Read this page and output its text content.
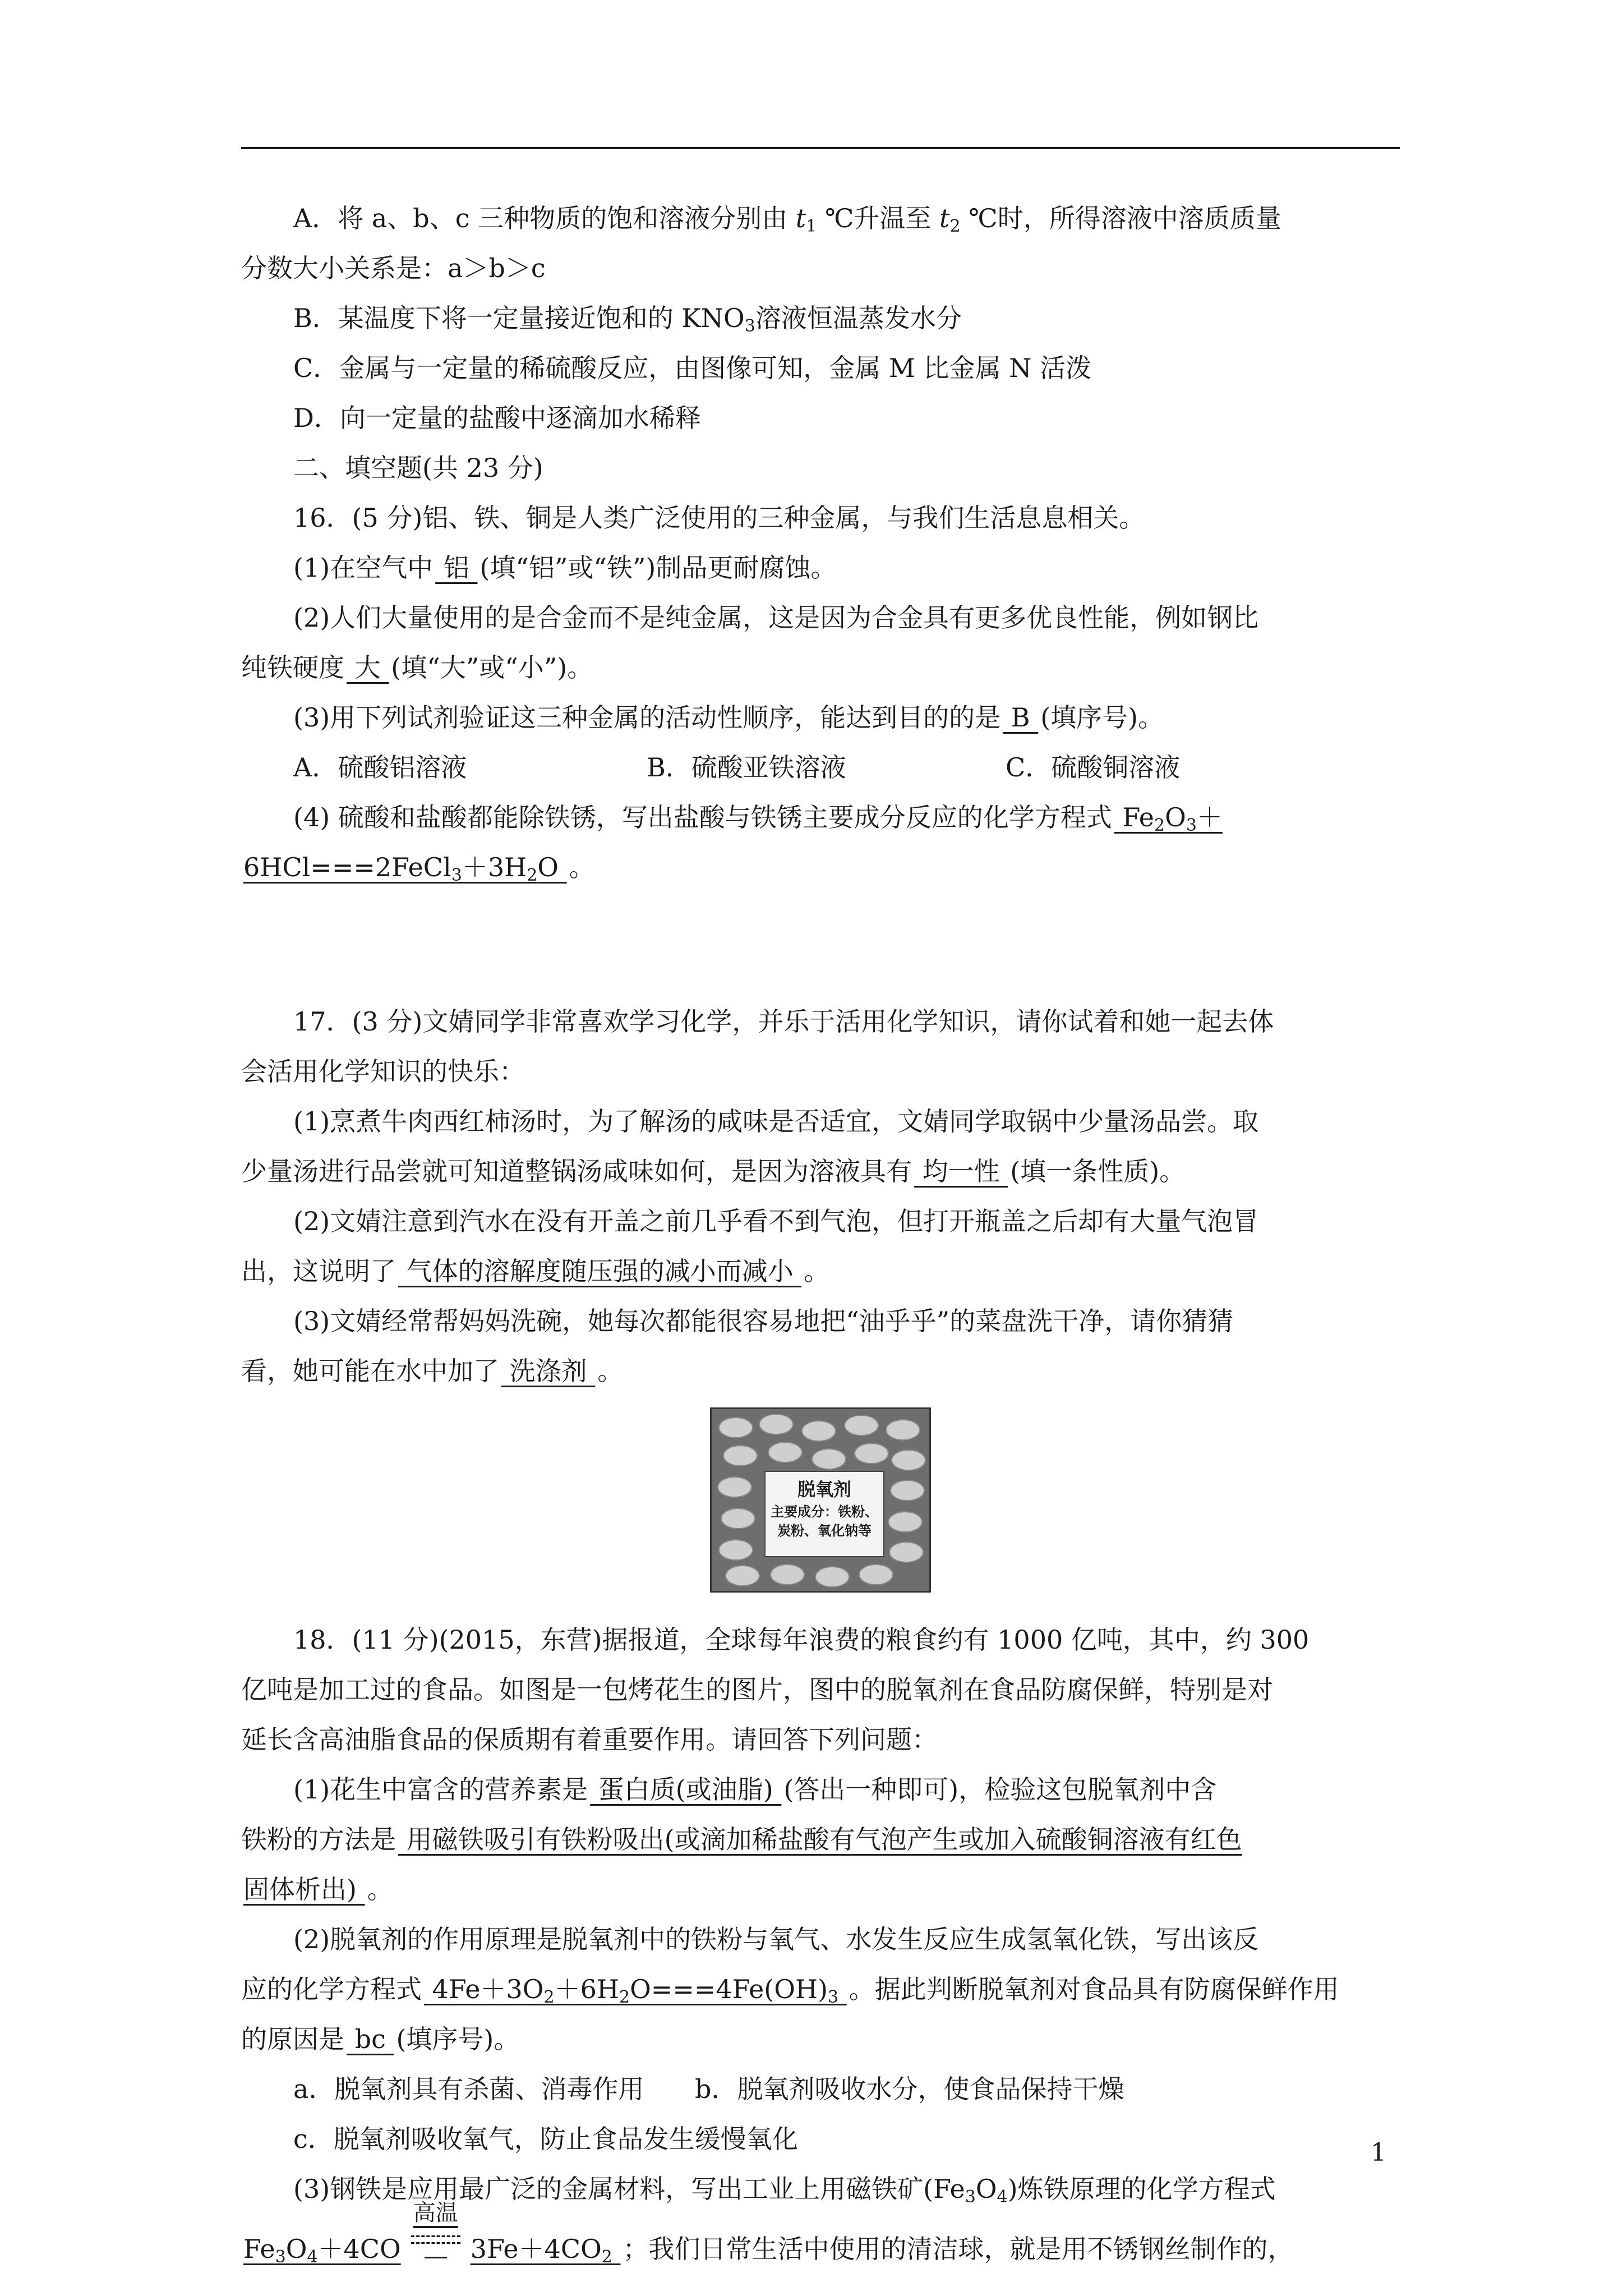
A．将 a、b、c 三种物质的饱和溶液分别由 $t_1$ ℃升温至 $t_2$ ℃时，所得溶液中溶质质量
分数大小关系是：a＞b＞c
B．某温度下将一定量接近饱和的 $KNO_3$溶液恒温蒸发水分
C．金属与一定量的稀硫酸反应，由图像可知，金属 M 比金属 N 活泼
D．向一定量的盐酸中逐滴加水稀释
二、填空题(共 23 分)
16．(5 分)铝、铁、铜是人类广泛使用的三种金属，与我们生活息息相关。
(1)在空气中 铝 (填“铝”或“铁”)制品更耐腐蚀。
(2)人们大量使用的是合金而不是纯金属，这是因为合金具有更多优良性能，例如钢比
纯铁硬度 大 (填“大”或“小”)。
(3)用下列试剂验证这三种金属的活动性顺序，能达到目的的是 B (填序号)。
A．硫酸铝溶液	B．硫酸亚铁溶液	C．硫酸铜溶液
(4) 硫酸和盐酸都能除铁锈，写出盐酸与铁锈主要成分反应的化学方程式 $Fe_2O_3+$
$6HCl===2FeCl_3+3H_2O$ 。
17．(3 分)文婧同学非常喜欢学习化学，并乐于活用化学知识，请你试着和她一起去体
会活用化学知识的快乐：
(1)烹煮牛肉西红柿汤时，为了解汤的咸味是否适宜，文婧同学取锅中少量汤品尝。取
少量汤进行品尝就可知道整锅汤咸味如何，是因为溶液具有 均一性 (填一条性质)。
(2)文婧注意到汽水在没有开盖之前几乎看不到气泡，但打开瓶盖之后却有大量气泡冒
出，这说明了 气体的溶解度随压强的减小而减小 。
(3)文婧经常帮妈妈洗碗，她每次都能很容易地把“油乎乎”的菜盘洗干净，请你猜猜
看，她可能在水中加了 洗涤剂 。
脱氧剂
主要成分：铁粉、
炭粉、氧化钠等
18．(11 分)(2015，东营)据报道，全球每年浪费的粮食约有 1000 亿吨，其中，约 300
亿吨是加工过的食品。如图是一包烤花生的图片，图中的脱氧剂在食品防腐保鲜，特别是对
延长含高油脂食品的保质期有着重要作用。请回答下列问题：
(1)花生中富含的营养素是 蛋白质(或油脂) (答出一种即可)，检验这包脱氧剂中含
铁粉的方法是 用磁铁吸引有铁粉吸出(或滴加稀盐酸有气泡产生或加入硫酸铜溶液有红色
固体析出) 。
(2)脱氧剂的作用原理是脱氧剂中的铁粉与氧气、水发生反应生成氢氧化铁，写出该反
应的化学方程式 $4Fe+3O_2+6H_2O===4Fe(OH)_3$ 。据此判断脱氧剂对食品具有防腐保鲜作用
的原因是 bc (填序号)。
a．脱氧剂具有杀菌、消毒作用 b．脱氧剂吸收水分，使食品保持干燥
c．脱氧剂吸收氧气，防止食品发生缓慢氧化
(3)钢铁是应用最广泛的金属材料，写出工业上用磁铁矿$(Fe_3O_4)$炼铁原理的化学方程式
$Fe_3O_4+4CO$
高温
$3Fe+4CO_2$ ；我们日常生活中使用的清洁球，就是用不锈钢丝制作的，
1
